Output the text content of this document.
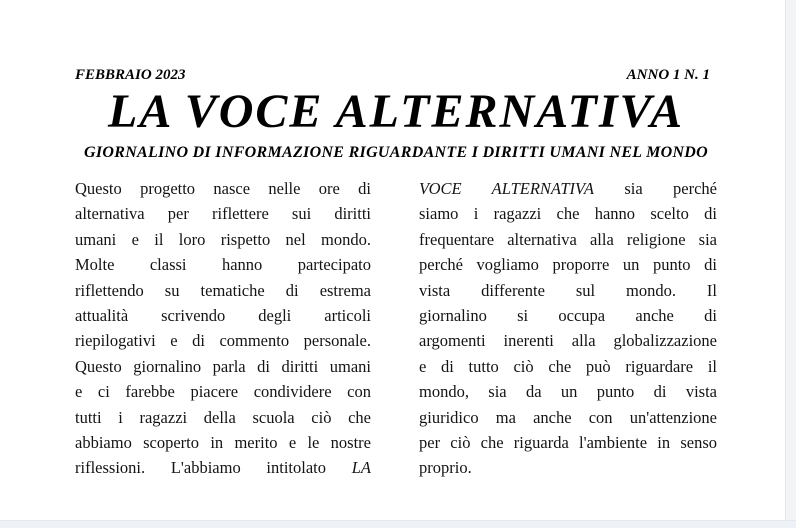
FEBBRAIO 2023	ANNO 1 N. 1
LA VOCE ALTERNATIVA
GIORNALINO DI INFORMAZIONE RIGUARDANTE I DIRITTI UMANI NEL MONDO
Questo progetto nasce nelle ore di
alternativa per riflettere sui diritti
umani e il loro rispetto nel mondo.
Molte classi hanno partecipato
riflettendo su tematiche di estrema
attualità scrivendo degli articoli
riepilogativi e di commento personale.
Questo giornalino parla di diritti umani
e ci farebbe piacere condividere con
tutti i ragazzi della scuola ciò che
abbiamo scoperto in merito e le nostre
riflessioni. L'abbiamo intitolato LA
VOCE ALTERNATIVA sia perché
siamo i ragazzi che hanno scelto di
frequentare alternativa alla religione sia
perché vogliamo proporre un punto di
vista differente sul mondo. Il
giornalino si occupa anche di
argomenti inerenti alla globalizzazione
e di tutto ciò che può riguardare il
mondo, sia da un punto di vista
giuridico ma anche con un'attenzione
per ciò che riguarda l'ambiente in senso
proprio.
